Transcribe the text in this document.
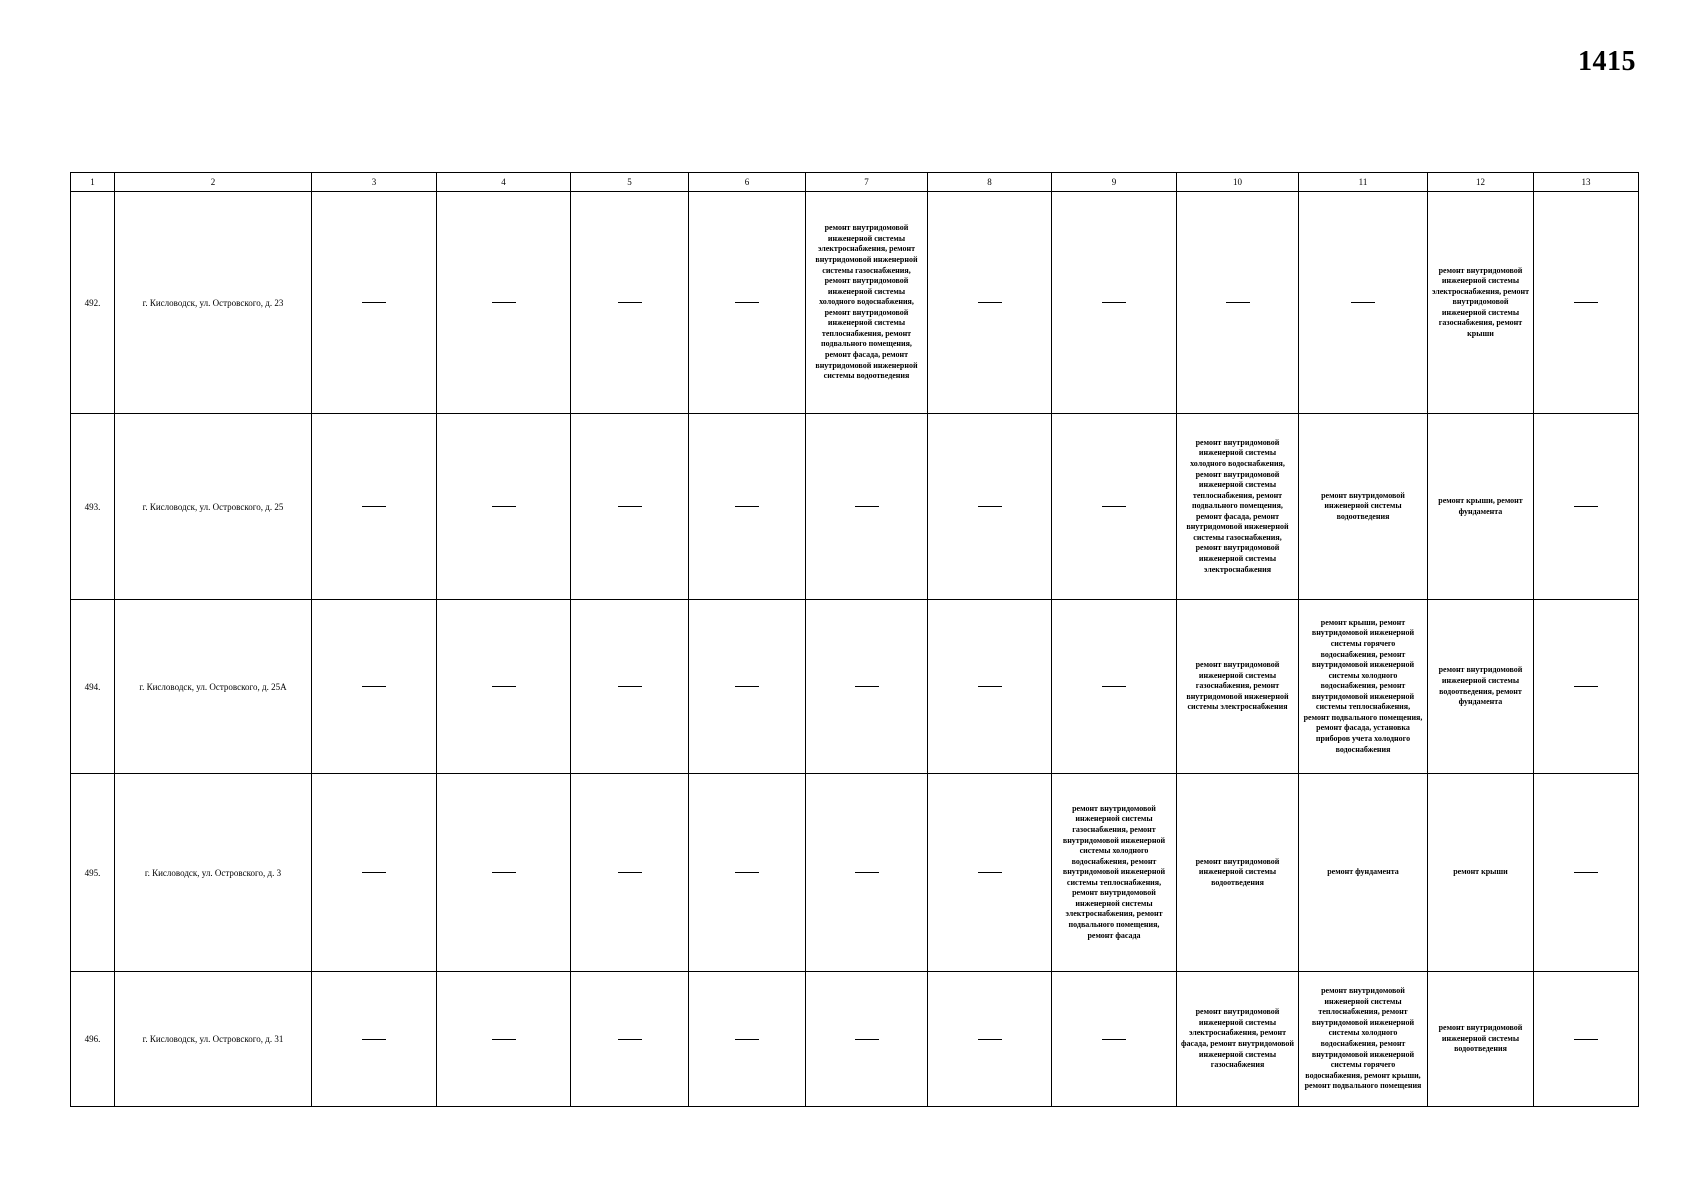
1415
1	2	3	4	5	6	7	8	9	10	11	12	13
492.	г. Кисловодск, ул. Островского, д. 23					ремонт внутридомовой инженерной системы электроснабжения, ремонт внутридомовой инженерной системы газоснабжения, ремонт внутридомовой инженерной системы холодного водоснабжения, ремонт внутридомовой инженерной системы теплоснабжения, ремонт подвального помещения, ремонт фасада, ремонт внутридомовой инженерной системы водоотведения					ремонт внутридомовой инженерной системы электроснабжения, ремонт внутридомовой инженерной системы газоснабжения, ремонт крыши	
493.	г. Кисловодск, ул. Островского, д. 25								ремонт внутридомовой инженерной системы холодного водоснабжения, ремонт внутридомовой инженерной системы теплоснабжения, ремонт подвального помещения, ремонт фасада, ремонт внутридомовой инженерной системы газоснабжения, ремонт внутридомовой инженерной системы электроснабжения	ремонт внутридомовой инженерной системы водоотведения	ремонт крыши, ремонт фундамента	
494.	г. Кисловодск, ул. Островского, д. 25А								ремонт внутридомовой инженерной системы газоснабжения, ремонт внутридомовой инженерной системы электроснабжения	ремонт крыши, ремонт внутридомовой инженерной системы горячего водоснабжения, ремонт внутридомовой инженерной системы холодного водоснабжения, ремонт внутридомовой инженерной системы теплоснабжения, ремонт подвального помещения, ремонт фасада, установка приборов учета холодного водоснабжения	ремонт внутридомовой инженерной системы водоотведения, ремонт фундамента	
495.	г. Кисловодск, ул. Островского, д. 3							ремонт внутридомовой инженерной системы газоснабжения, ремонт внутридомовой инженерной системы холодного водоснабжения, ремонт внутридомовой инженерной системы теплоснабжения, ремонт внутридомовой инженерной системы электроснабжения, ремонт подвального помещения, ремонт фасада	ремонт внутридомовой инженерной системы водоотведения	ремонт фундамента	ремонт крыши	
496.	г. Кисловодск, ул. Островского, д. 31								ремонт внутридомовой инженерной системы электроснабжения, ремонт фасада, ремонт внутридомовой инженерной системы газоснабжения	ремонт внутридомовой инженерной системы теплоснабжения, ремонт внутридомовой инженерной системы холодного водоснабжения, ремонт внутридомовой инженерной системы горячего водоснабжения, ремонт крыши, ремонт подвального помещения	ремонт внутридомовой инженерной системы водоотведения	
